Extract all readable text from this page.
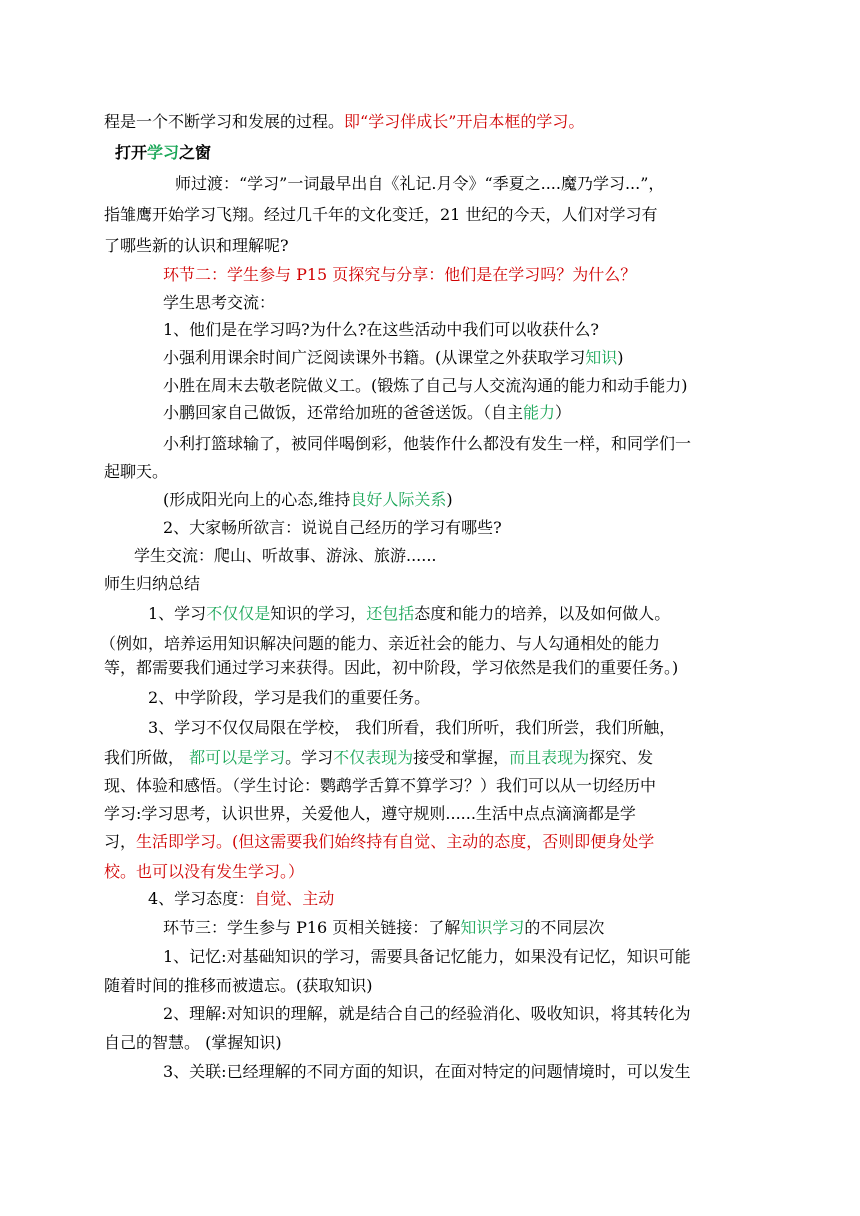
程是一个不断学习和发展的过程。即“学习伴成长”开启本框的学习。
打开学习之窗
师过渡：“学习”一词最早出自《礼记.月令》“季夏之....魔乃学习...”，
指雏鹰开始学习飞翔。经过几千年的文化变迁，21 世纪的今天，人们对学习有
了哪些新的认识和理解呢?
环节二：学生参与 P15 页探究与分享：他们是在学习吗？为什么？
学生思考交流：
1、他们是在学习吗?为什么?在这些活动中我们可以收获什么?
小强利用课余时间广泛阅读课外书籍。(从课堂之外获取学习知识)
小胜在周末去敬老院做义工。(锻炼了自己与人交流沟通的能力和动手能力)
小鹏回家自己做饭，还常给加班的爸爸送饭。（自主能力）
小利打篮球输了，被同伴喝倒彩，他装作什么都没有发生一样，和同学们一
起聊天。
(形成阳光向上的心态,维持良好人际关系)
2、大家畅所欲言：说说自己经历的学习有哪些?
学生交流：爬山、听故事、游泳、旅游......
师生归纳总结
1、学习不仅仅是知识的学习，还包括态度和能力的培养，以及如何做人。
（例如，培养运用知识解决问题的能力、亲近社会的能力、与人勾通相处的能力
等，都需要我们通过学习来获得。因此，初中阶段，学习依然是我们的重要任务。)
2、中学阶段，学习是我们的重要任务。
3、学习不仅仅局限在学校， 我们所看，我们所听，我们所尝，我们所触，
我们所做， 都可以是学习。学习不仅表现为接受和掌握，而且表现为探究、发
现、体验和感悟。（学生讨论：鹦鹉学舌算不算学习？）我们可以从一切经历中
学习:学习思考，认识世界，关爱他人，遵守规则......生活中点点滴滴都是学
习，生活即学习。(但这需要我们始终持有自觉、主动的态度，否则即便身处学
校。也可以没有发生学习。）
4、学习态度：自觉、主动
环节三：学生参与 P16 页相关链接：了解知识学习的不同层次
1、记忆:对基础知识的学习，需要具备记忆能力，如果没有记忆，知识可能
随着时间的推移而被遗忘。(获取知识)
2、理解:对知识的理解，就是结合自己的经验消化、吸收知识，将其转化为
自己的智慧。 (掌握知识)
3、关联:已经理解的不同方面的知识，在面对特定的问题情境时，可以发生
